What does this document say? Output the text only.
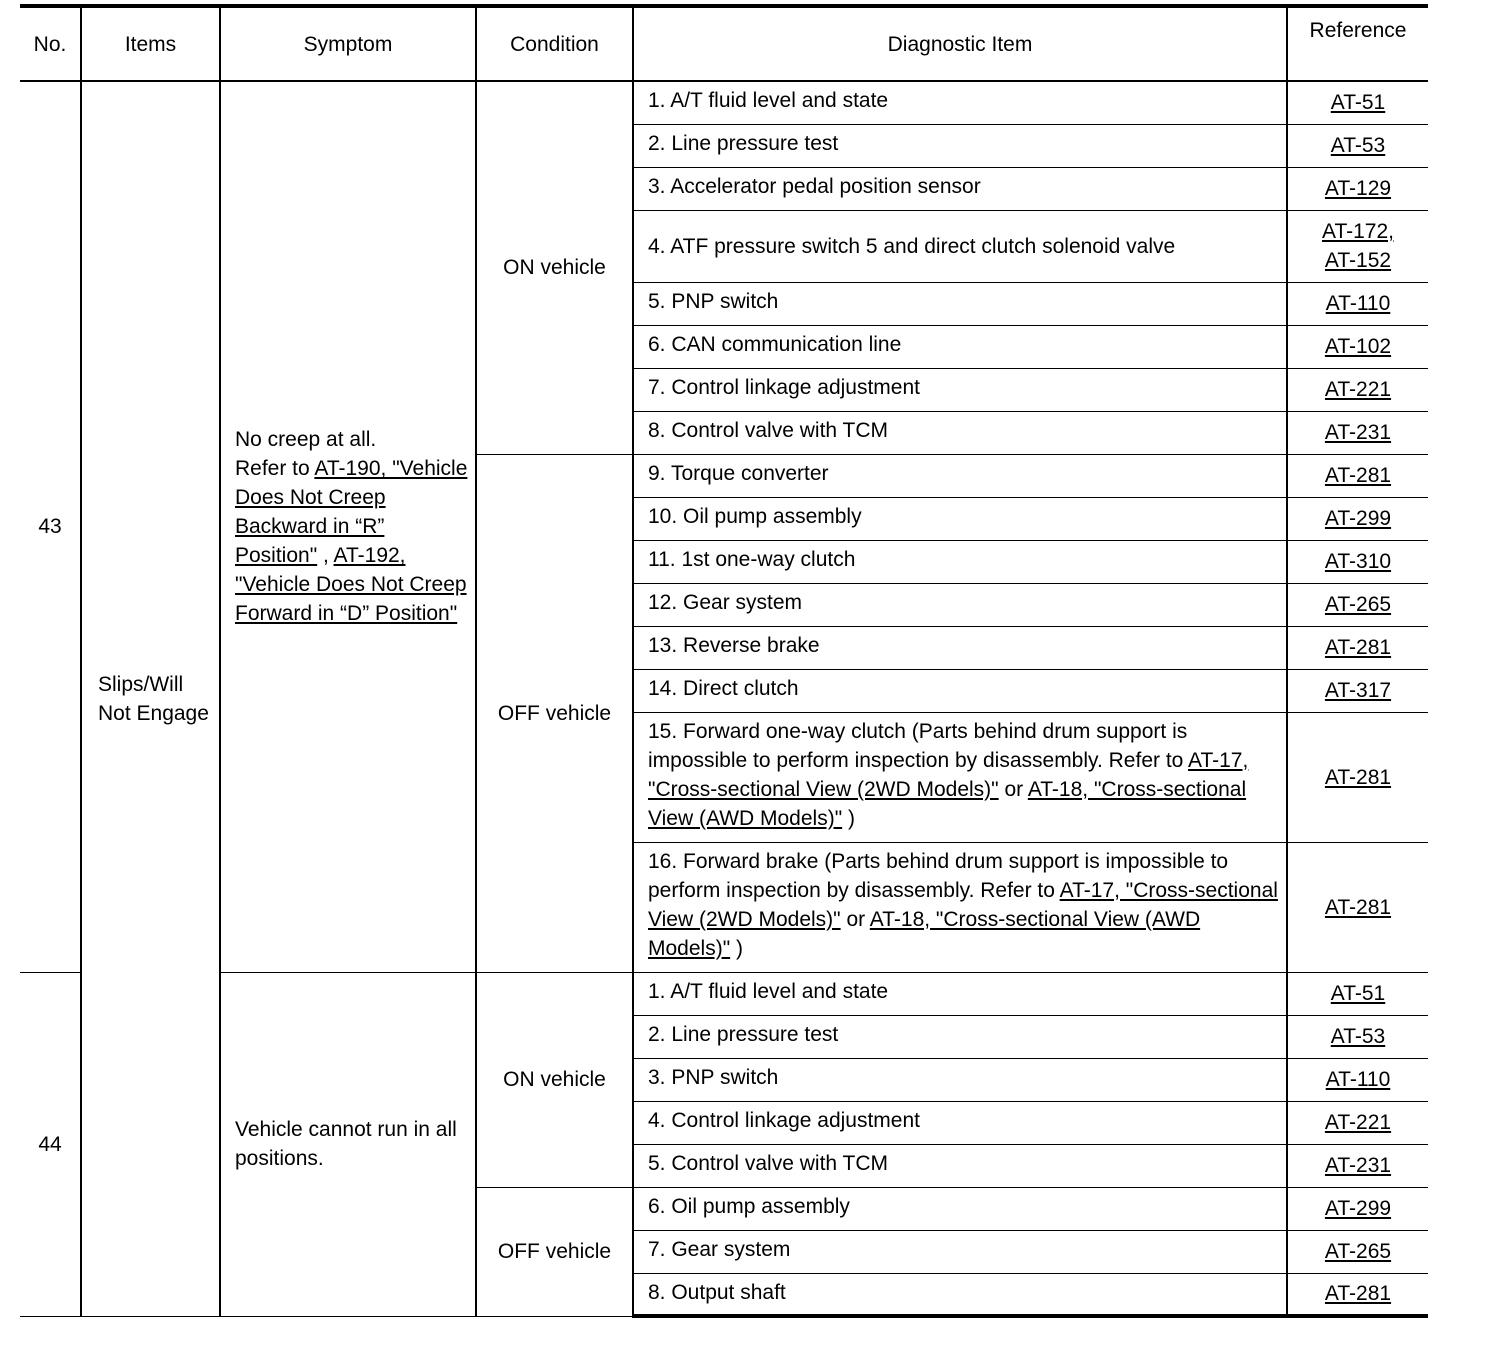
No.	Items	Symptom	Condition	Diagnostic Item	Reference
43	Slips/Will Not Engage	No creep at all.
Refer to AT-190, "Vehicle Does Not Creep Backward in “R” Position" , AT-192, "Vehicle Does Not Creep Forward in “D” Position"	ON vehicle	1. A/T fluid level and state	AT-51
				2. Line pressure test	AT-53
				3. Accelerator pedal position sensor	AT-129
				4. ATF pressure switch 5 and direct clutch solenoid valve	AT-172,
AT-152
				5. PNP switch	AT-110
				6. CAN communication line	AT-102
				7. Control linkage adjustment	AT-221
				8. Control valve with TCM	AT-231
			OFF vehicle	9. Torque converter	AT-281
				10. Oil pump assembly	AT-299
				11. 1st one-way clutch	AT-310
				12. Gear system	AT-265
				13. Reverse brake	AT-281
				14. Direct clutch	AT-317
				15. Forward one-way clutch (Parts behind drum support is impossible to perform inspection by disassembly. Refer to AT-17, "Cross-sectional View (2WD Models)" or AT-18, "Cross-sectional View (AWD Models)" )	AT-281
				16. Forward brake (Parts behind drum support is impossible to perform inspection by disassembly. Refer to AT-17, "Cross-sectional View (2WD Models)" or AT-18, "Cross-sectional View (AWD Models)" )	AT-281
44		Vehicle cannot run in all positions.	ON vehicle	1. A/T fluid level and state	AT-51
				2. Line pressure test	AT-53
				3. PNP switch	AT-110
				4. Control linkage adjustment	AT-221
				5. Control valve with TCM	AT-231
			OFF vehicle	6. Oil pump assembly	AT-299
				7. Gear system	AT-265
				8. Output shaft	AT-281
